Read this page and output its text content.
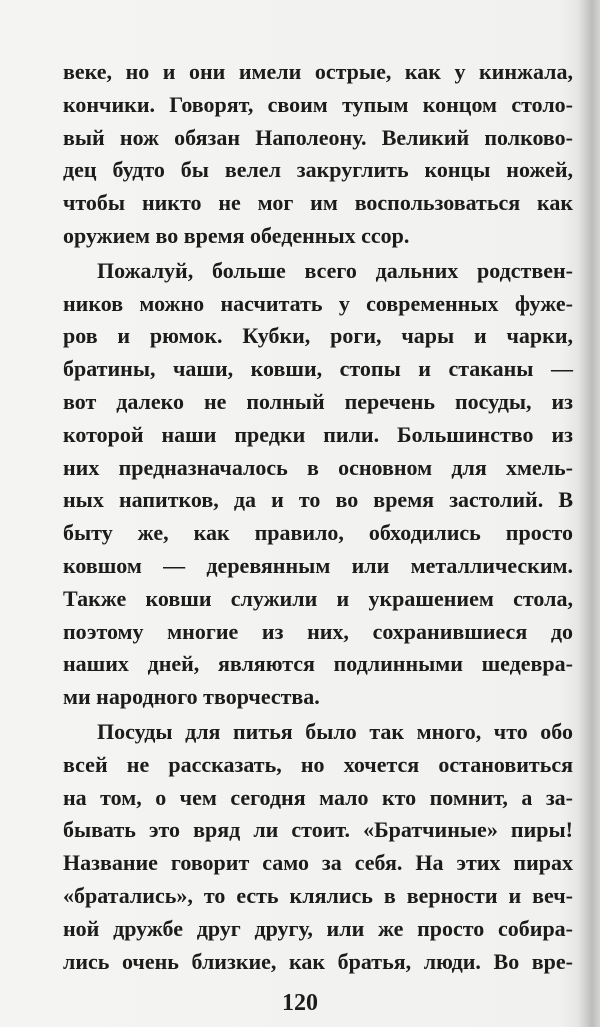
веке, но и они имели острые, как у кинжала,
кончики. Говорят, своим тупым концом столо-
вый нож обязан Наполеону. Великий полково-
дец будто бы велел закруглить концы ножей,
чтобы никто не мог им воспользоваться как
оружием во время обеденных ссор.
Пожалуй, больше всего дальних родствен-
ников можно насчитать у современных фуже-
ров и рюмок. Кубки, роги, чары и чарки,
братины, чаши, ковши, стопы и стаканы —
вот далеко не полный перечень посуды, из
которой наши предки пили. Большинство из
них предназначалось в основном для хмель-
ных напитков, да и то во время застолий. В
быту же, как правило, обходились просто
ковшом — деревянным или металлическим.
Также ковши служили и украшением стола,
поэтому многие из них, сохранившиеся до
наших дней, являются подлинными шедевра-
ми народного творчества.
Посуды для питья было так много, что обо
всей не рассказать, но хочется остановиться
на том, о чем сегодня мало кто помнит, а за-
бывать это вряд ли стоит. «Братчиные» пиры!
Название говорит само за себя. На этих пирах
«братались», то есть клялись в верности и веч-
ной дружбе друг другу, или же просто собира-
лись очень близкие, как братья, люди. Во вре-
120
